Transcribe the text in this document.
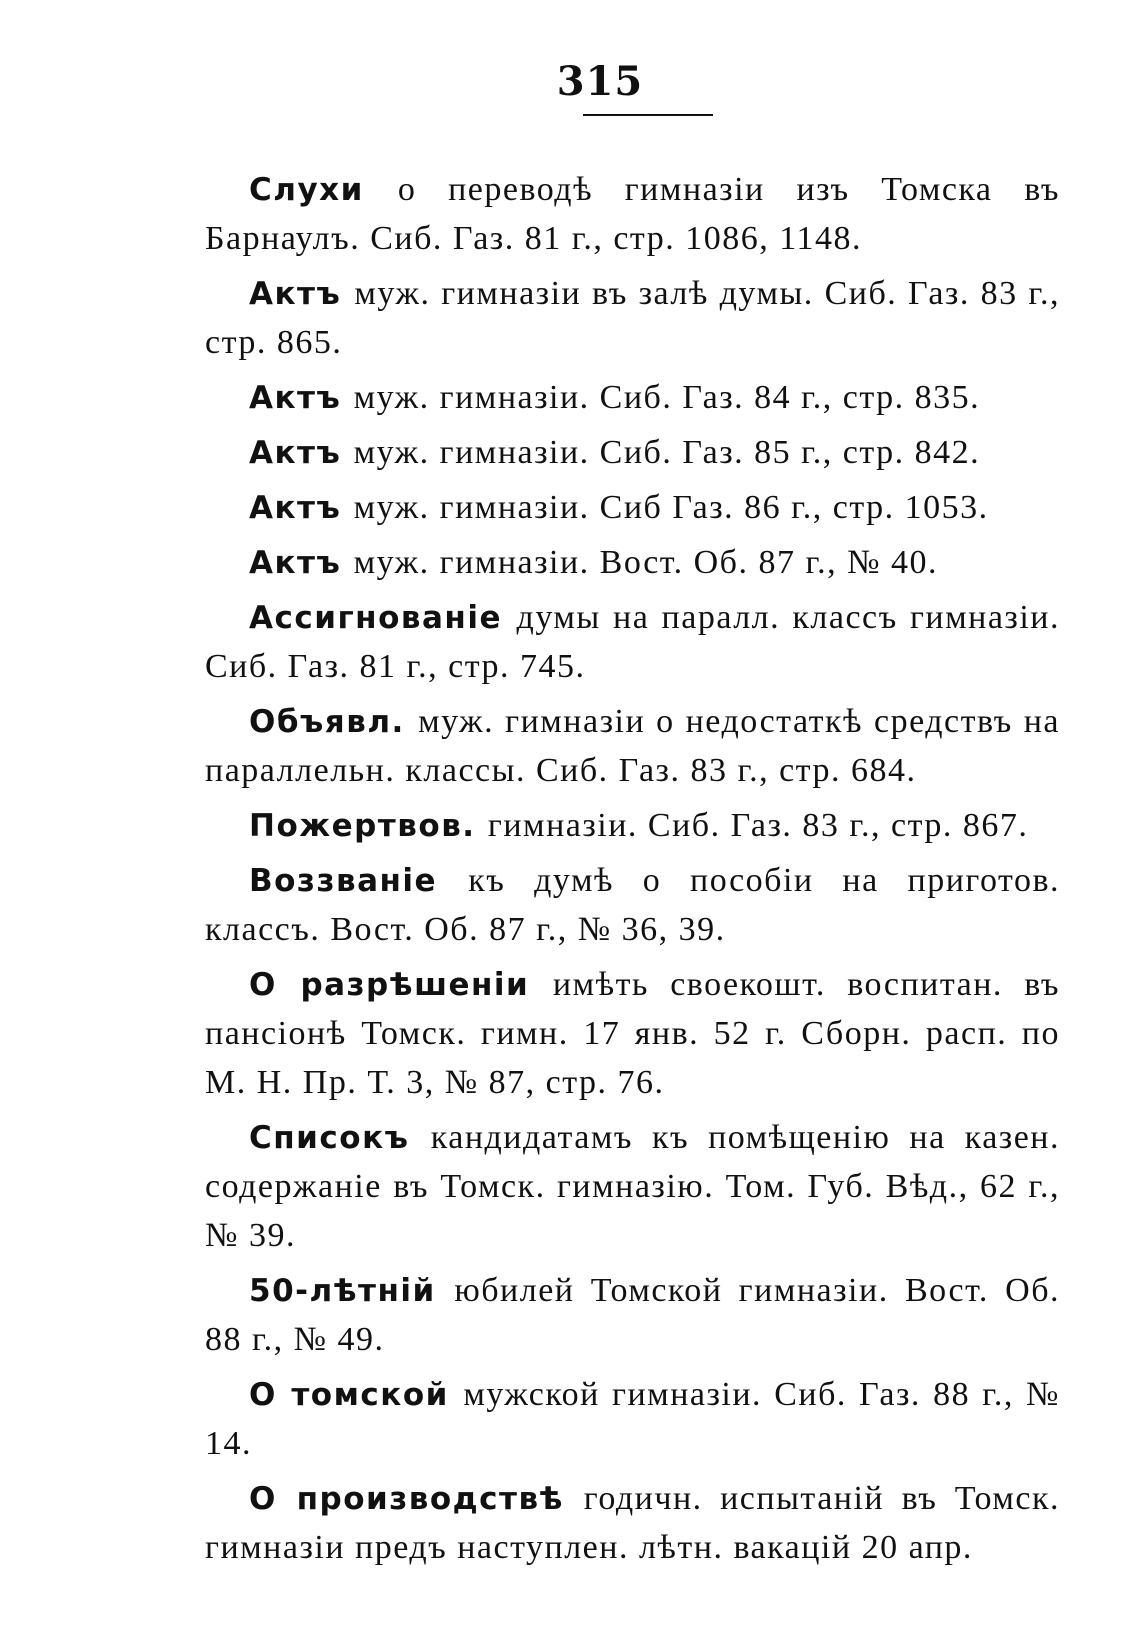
315

Слухи о переводѣ гимназіи изъ Томска въ Барнаулъ. Сиб. Газ. 81 г., стр. 1086, 1148.

Актъ муж. гимназіи въ залѣ думы. Сиб. Газ. 83 г., стр. 865.

Актъ муж. гимназіи. Сиб. Газ. 84 г., стр. 835.

Актъ муж. гимназіи. Сиб. Газ. 85 г., стр. 842.

Актъ муж. гимназіи. Сиб Газ. 86 г., стр. 1053.

Актъ муж. гимназіи. Вост. Об. 87 г., № 40.

Ассигнованіе думы на паралл. классъ гимназіи. Сиб. Газ. 81 г., стр. 745.

Объявл. муж. гимназіи о недостаткѣ средствъ на параллельн. классы. Сиб. Газ. 83 г., стр. 684.

Пожертвов. гимназіи. Сиб. Газ. 83 г., стр. 867.

Воззваніе къ думѣ о пособіи на приготов. классъ. Вост. Об. 87 г., № 36, 39.

О разрѣшеніи имѣть своекошт. воспитан. въ пансіонѣ Томск. гимн. 17 янв. 52 г. Сборн. расп. по М. Н. Пр. Т. 3, № 87, стр. 76.

Списокъ кандидатамъ къ помѣщенію на казен. содержаніе въ Томск. гимназію. Том. Губ. Вѣд., 62 г., № 39.

50-лѣтній юбилей Томской гимназіи. Вост. Об. 88 г., № 49.

О томской мужской гимназіи. Сиб. Газ. 88 г., № 14.

О производствѣ годичн. испытаній въ Томск. гимназіи предъ наступлен. лѣтн. вакацій 20 апр.
